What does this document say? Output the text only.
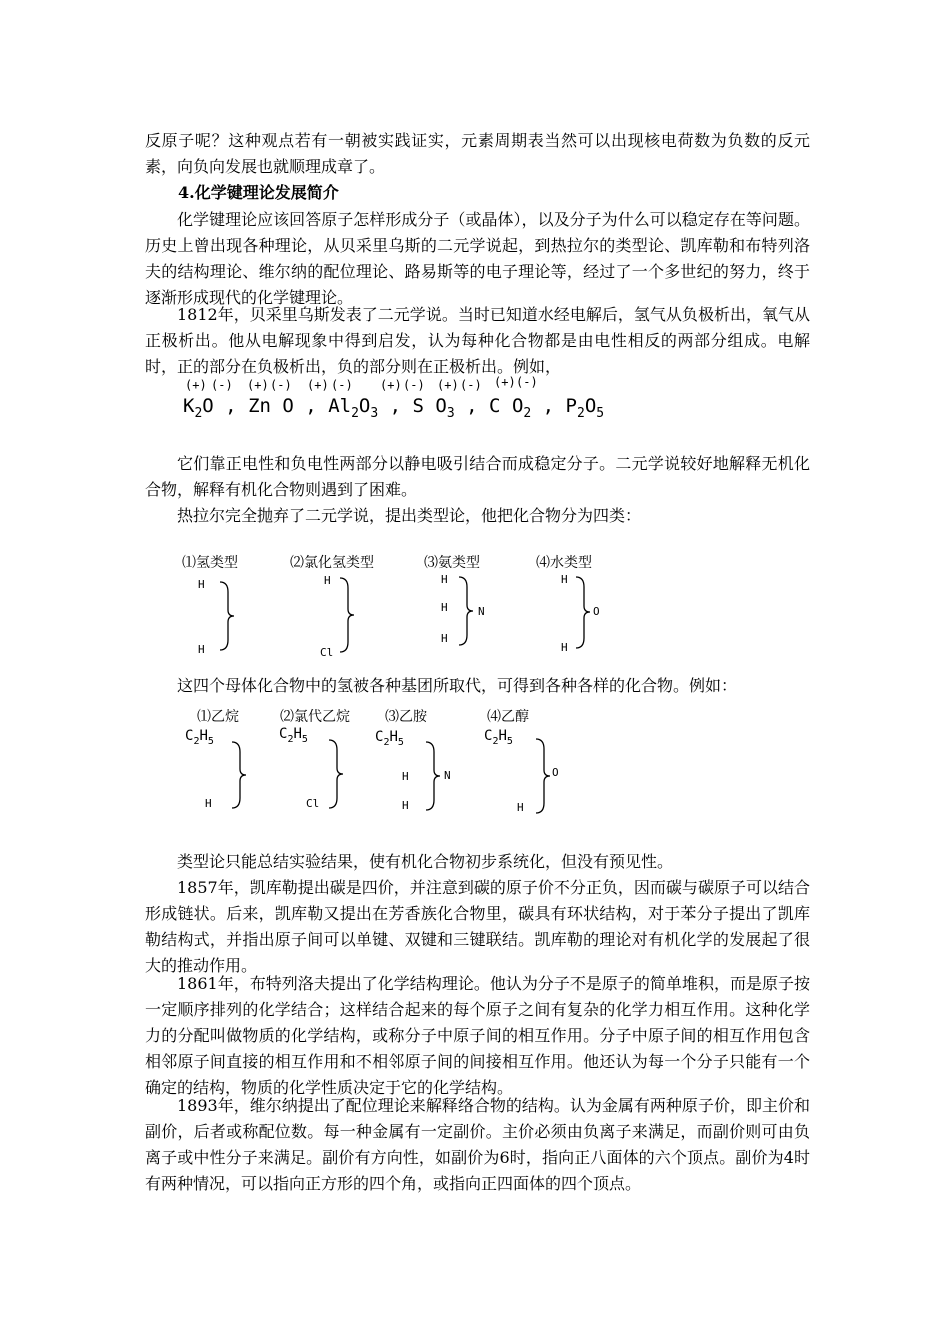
反原子呢？这种观点若有一朝被实践证实，元素周期表当然可以出现核电荷数为负数的反元素，向负向发展也就顺理成章了。

4.化学键理论发展简介

化学键理论应该回答原子怎样形成分子（或晶体），以及分子为什么可以稳定存在等问题。历史上曾出现各种理论，从贝采里乌斯的二元学说起，到热拉尔的类型论、凯库勒和布特列洛夫的结构理论、维尔纳的配位理论、路易斯等的电子理论等，经过了一个多世纪的努力，终于逐渐形成现代的化学键理论。

1812年，贝采里乌斯发表了二元学说。当时已知道水经电解后，氢气从负极析出，氧气从正极析出。他从电解现象中得到启发，认为每种化合物都是由电性相反的两部分组成。电解时，正的部分在负极析出，负的部分则在正极析出。例如，

(+) (-) (+) (-) (+) (-) (+) (-) (+) (-) (+) (-)
$K_2O$ , Zn O , $Al_2O_3$ , S $O_3$ , C $O_2$ , $P_2O_5$

它们靠正电性和负电性两部分以静电吸引结合而成稳定分子。二元学说较好地解释无机化合物，解释有机化合物则遇到了困难。

热拉尔完全抛弃了二元学说，提出类型论，他把化合物分为四类：

⑴氢类型
H
H
⑵氯化氢类型
H
Cl
⑶氨类型
H
H
H
N
⑷水类型
H
H
O

这四个母体化合物中的氢被各种基团所取代，可得到各种各样的化合物。例如：

⑴乙烷
$C_2H_5$
H
⑵氯代乙烷
$C_2H_5$
Cl
⑶乙胺
$C_2H_5$
H
H
N
⑷乙醇
$C_2H_5$
H
O

类型论只能总结实验结果，使有机化合物初步系统化，但没有预见性。

1857年，凯库勒提出碳是四价，并注意到碳的原子价不分正负，因而碳与碳原子可以结合形成链状。后来，凯库勒又提出在芳香族化合物里，碳具有环状结构，对于苯分子提出了凯库勒结构式，并指出原子间可以单键、双键和三键联结。凯库勒的理论对有机化学的发展起了很大的推动作用。

1861年，布特列洛夫提出了化学结构理论。他认为分子不是原子的简单堆积，而是原子按一定顺序排列的化学结合；这样结合起来的每个原子之间有复杂的化学力相互作用。这种化学力的分配叫做物质的化学结构，或称分子中原子间的相互作用。分子中原子间的相互作用包含相邻原子间直接的相互作用和不相邻原子间的间接相互作用。他还认为每一个分子只能有一个确定的结构，物质的化学性质决定于它的化学结构。

1893年，维尔纳提出了配位理论来解释络合物的结构。认为金属有两种原子价，即主价和副价，后者或称配位数。每一种金属有一定副价。主价必须由负离子来满足，而副价则可由负离子或中性分子来满足。副价有方向性，如副价为6时，指向正八面体的六个顶点。副价为4时有两种情况，可以指向正方形的四个角，或指向正四面体的四个顶点。
